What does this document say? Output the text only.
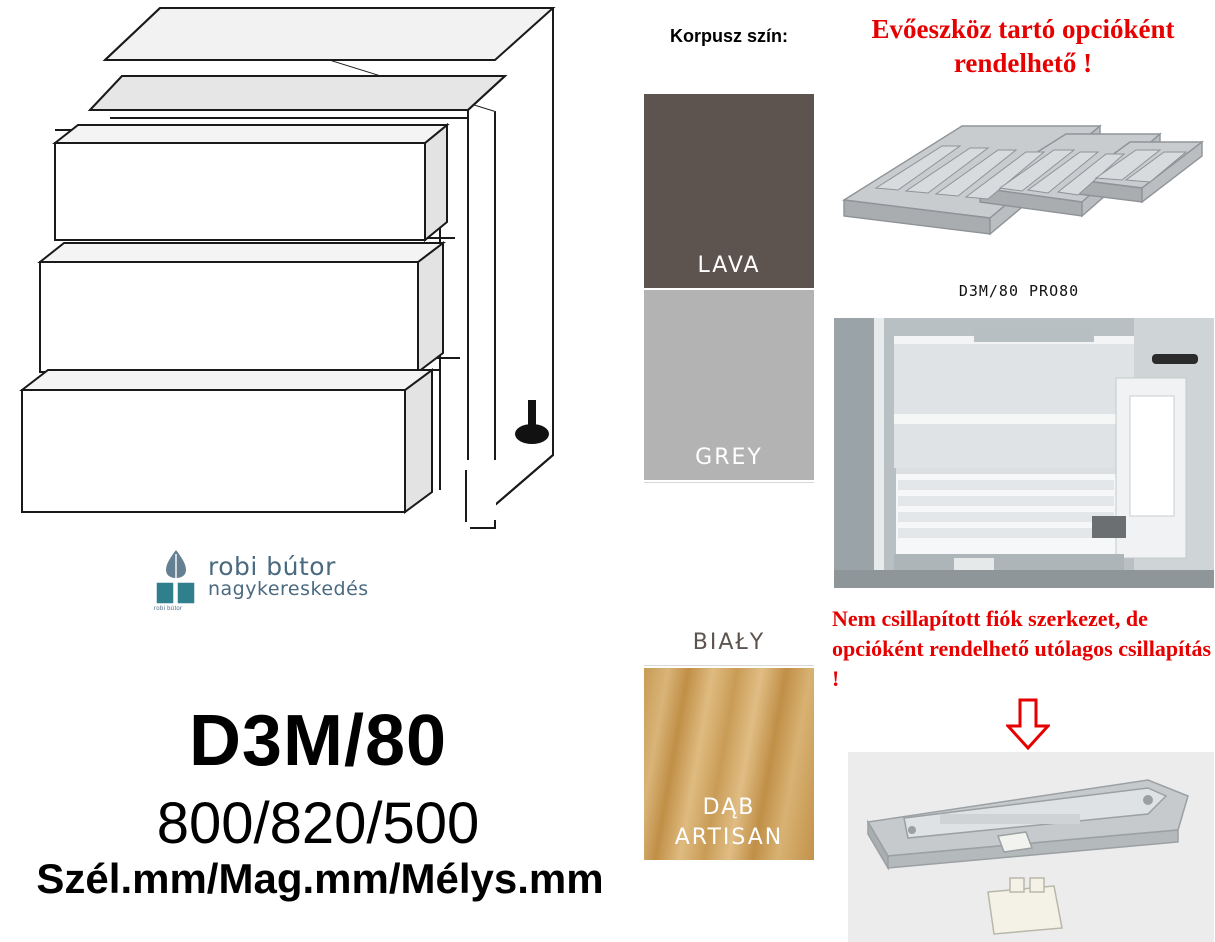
robi bútor
robi bútor
nagykereskedés
D3M/80
800/820/500
Szél.mm/Mag.mm/Mélys.mm
Korpusz szín:
LAVA
GREY
BIAŁY
DĄB
ARTISAN
Evőeszköz tartó opcióként rendelhető !
D3M/80 PRO80
Nem csillapított fiók szerkezet, de opcióként rendelhető utólagos csillapítás !
